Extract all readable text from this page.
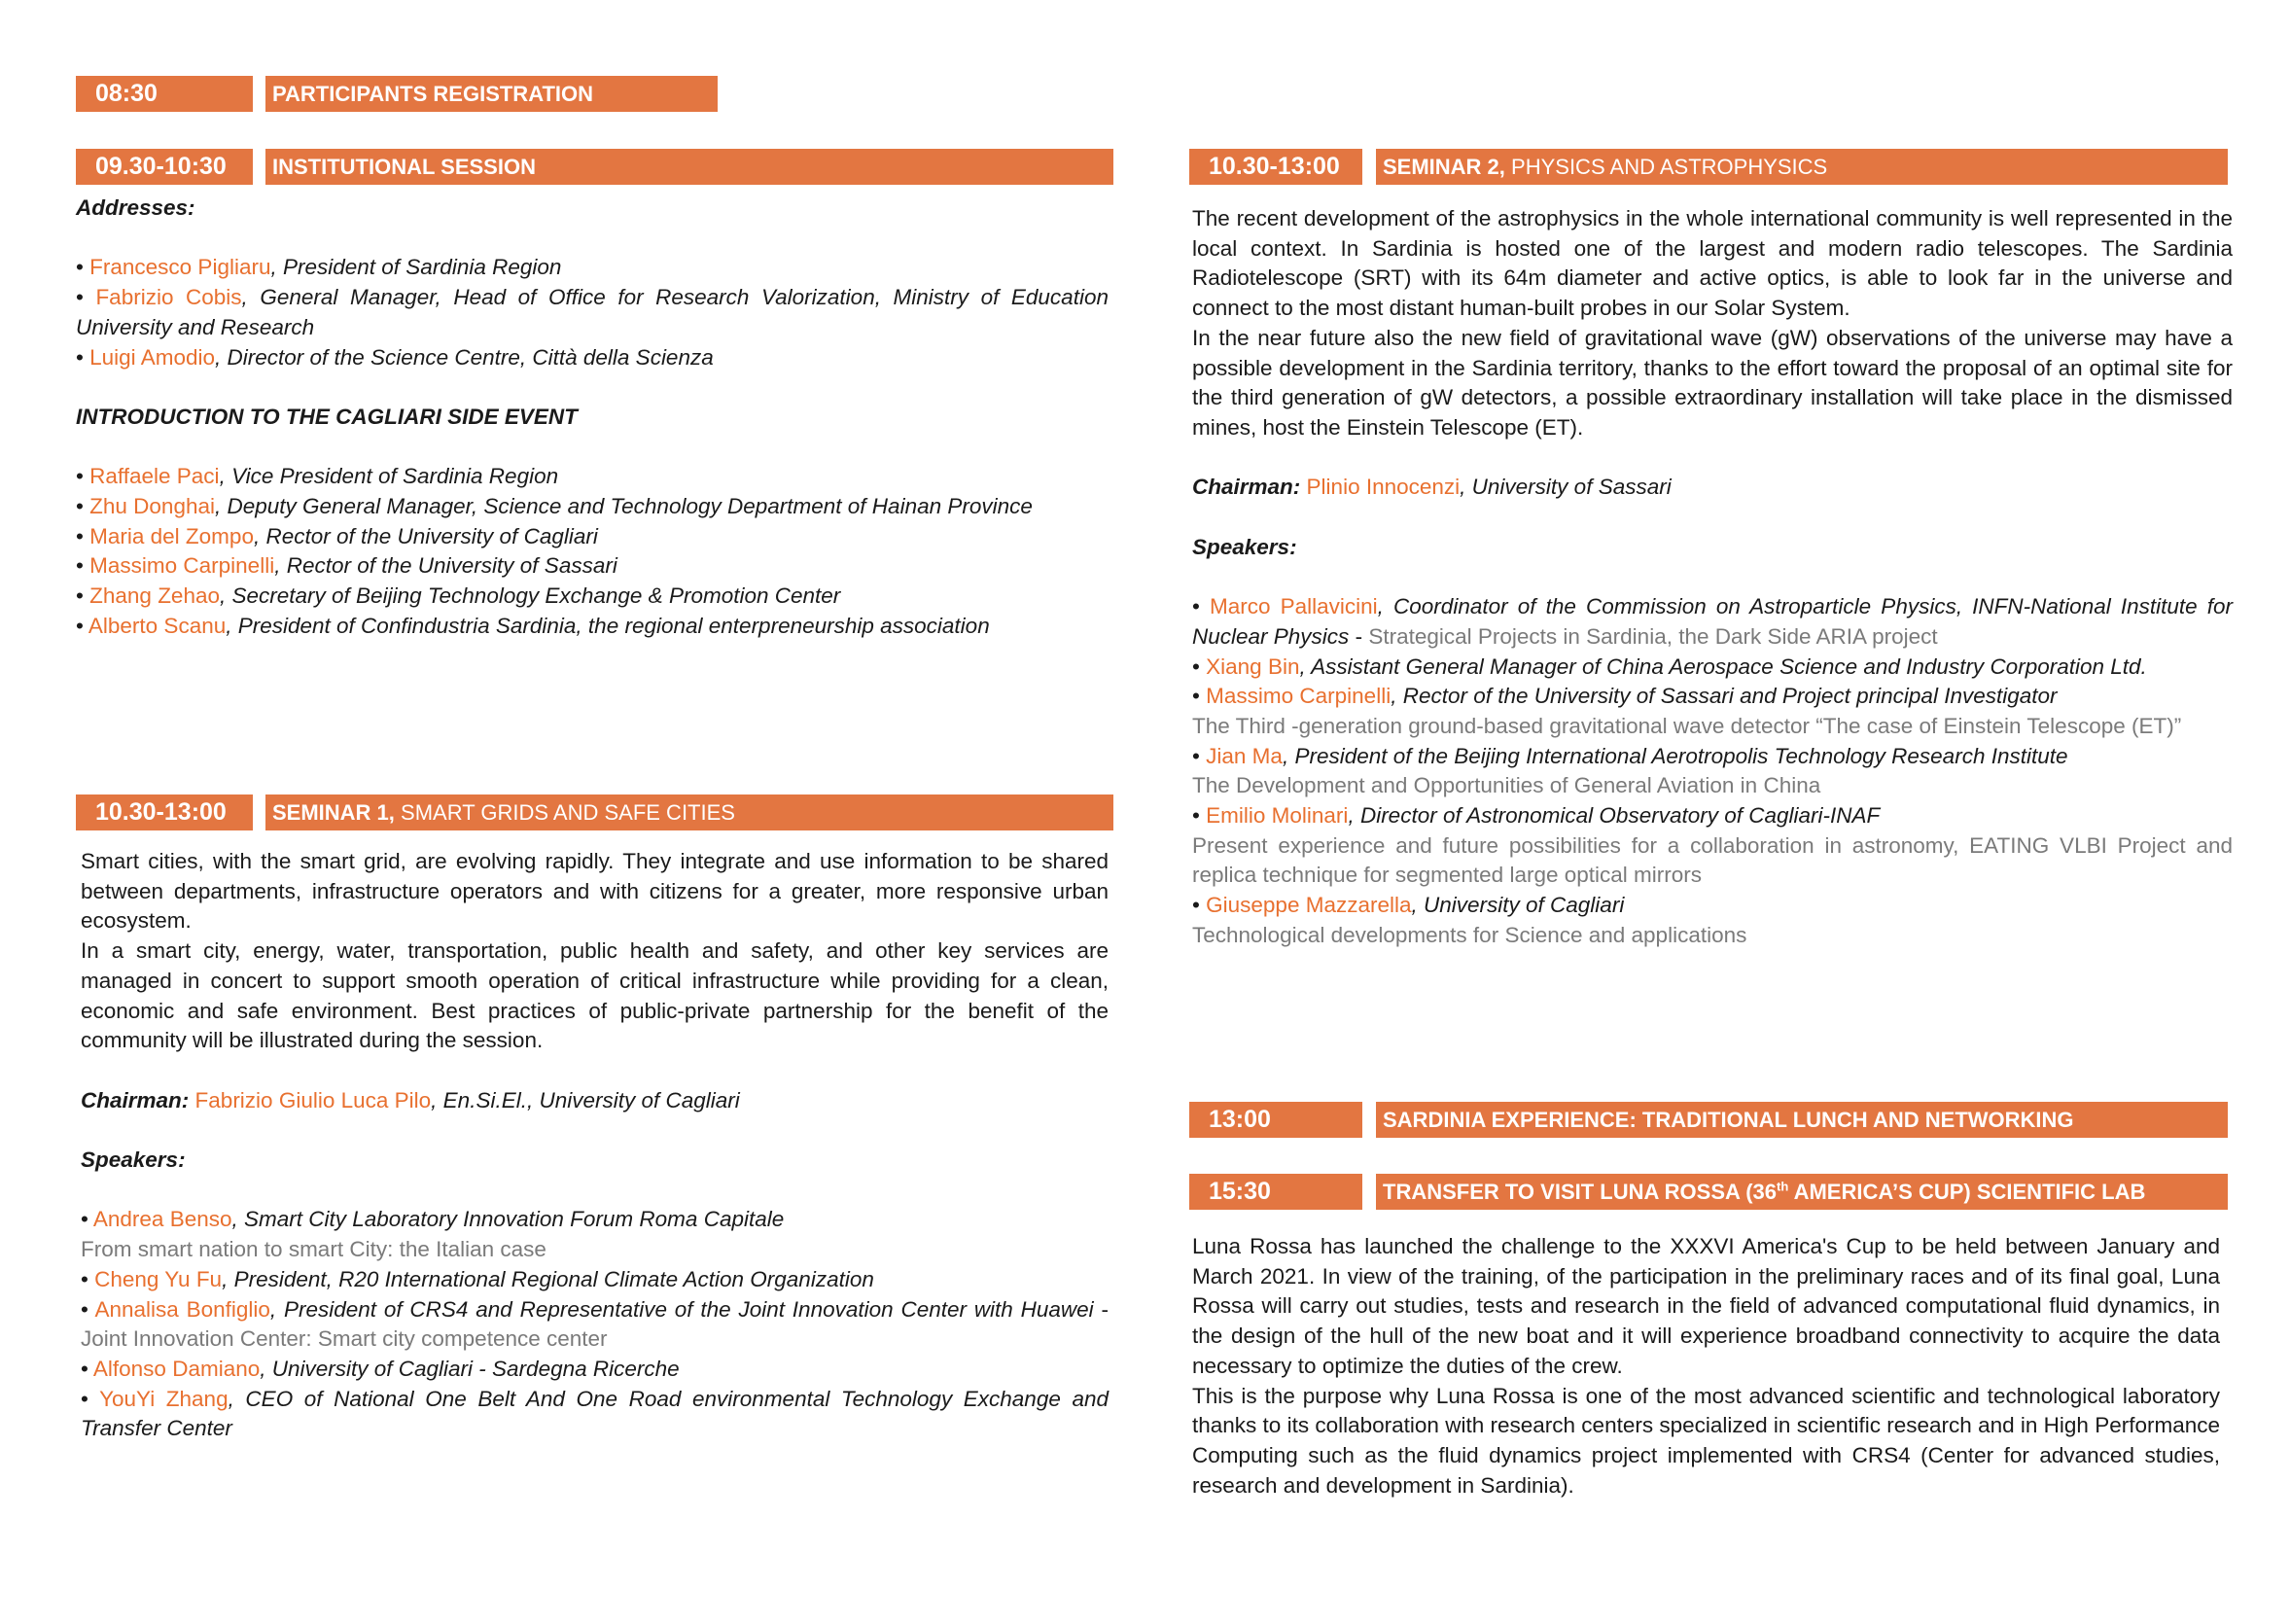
08:30	PARTICIPANTS REGISTRATION
09.30-10:30	INSTITUTIONAL SESSION

Addresses:

• Francesco Pigliaru, President of Sardinia Region

• Fabrizio Cobis, General Manager, Head of Office for Research Valorization, Ministry of Education University and Research

• Luigi Amodio, Director of the Science Centre, Città della Scienza

INTRODUCTION TO THE CAGLIARI SIDE EVENT

• Raffaele Paci, Vice President of Sardinia Region

• Zhu Donghai, Deputy General Manager, Science and Technology Department of Hainan Province

• Maria del Zompo, Rector of the University of Cagliari

• Massimo Carpinelli, Rector of the University of Sassari

• Zhang Zehao, Secretary of Beijing Technology Exchange & Promotion Center

• Alberto Scanu, President of Confindustria Sardinia, the regional enterpreneurship association

10.30-13:00	SEMINAR 1, SMART GRIDS AND SAFE CITIES

Smart cities, with the smart grid, are evolving rapidly. They integrate and use information to be shared between departments, infrastructure operators and with citizens for a greater, more responsive urban ecosystem.

In a smart city, energy, water, transportation, public health and safety, and other key services are managed in concert to support smooth operation of critical infrastructure while providing for a clean, economic and safe environment. Best practices of public-private partnership for the benefit of the community will be illustrated during the session.

Chairman: Fabrizio Giulio Luca Pilo, En.Si.El., University of Cagliari

Speakers:

• Andrea Benso, Smart City Laboratory Innovation Forum Roma Capitale

From smart nation to smart City: the Italian case

• Cheng Yu Fu, President, R20 International Regional Climate Action Organization

• Annalisa Bonfiglio, President of CRS4 and Representative of the Joint Innovation Center with Huawei - Joint Innovation Center: Smart city competence center

• Alfonso Damiano, University of Cagliari - Sardegna Ricerche

• YouYi Zhang, CEO of National One Belt And One Road environmental Technology Exchange and Transfer Center

10.30-13:00	SEMINAR 2, PHYSICS AND ASTROPHYSICS

The recent development of the astrophysics in the whole international community is well represented in the local context. In Sardinia is hosted one of the largest and modern radio telescopes. The Sardinia Radiotelescope (SRT) with its 64m diameter and active optics, is able to look far in the universe and connect to the most distant human-built probes in our Solar System.

In the near future also the new field of gravitational wave (gW) observations of the universe may have a possible development in the Sardinia territory, thanks to the effort toward the proposal of an optimal site for the third generation of gW detectors, a possible extraordinary installation will take place in the dismissed mines, host the Einstein Telescope (ET).

Chairman: Plinio Innocenzi, University of Sassari

Speakers:

• Marco Pallavicini, Coordinator of the Commission on Astroparticle Physics, INFN-National Institute for Nuclear Physics - Strategical Projects in Sardinia, the Dark Side ARIA project

• Xiang Bin, Assistant General Manager of China Aerospace Science and Industry Corporation Ltd.

• Massimo Carpinelli, Rector of the University of Sassari and Project principal Investigator

The Third -generation ground-based gravitational wave detector “The case of Einstein Telescope (ET)”

• Jian Ma, President of the Beijing International Aerotropolis Technology Research Institute

The Development and Opportunities of General Aviation in China

• Emilio Molinari, Director of Astronomical Observatory of Cagliari-INAF

Present experience and future possibilities for a collaboration in astronomy, EATING VLBI Project and replica technique for segmented large optical mirrors

• Giuseppe Mazzarella, University of Cagliari

Technological developments for Science and applications

13:00	SARDINIA EXPERIENCE: TRADITIONAL LUNCH AND NETWORKING
15:30	TRANSFER TO VISIT LUNA ROSSA (36th AMERICA’S CUP) SCIENTIFIC LAB

Luna Rossa has launched the challenge to the XXXVI America's Cup to be held between January and March 2021. In view of the training, of the participation in the preliminary races and of its final goal, Luna Rossa will carry out studies, tests and research in the field of advanced computational fluid dynamics, in the design of the hull of the new boat and it will experience broadband connectivity to acquire the data necessary to optimize the duties of the crew.

This is the purpose why Luna Rossa is one of the most advanced scientific and technological laboratory thanks to its collaboration with research centers specialized in scientific research and in High Performance Computing such as the fluid dynamics project implemented with CRS4 (Center for advanced studies, research and development in Sardinia).
